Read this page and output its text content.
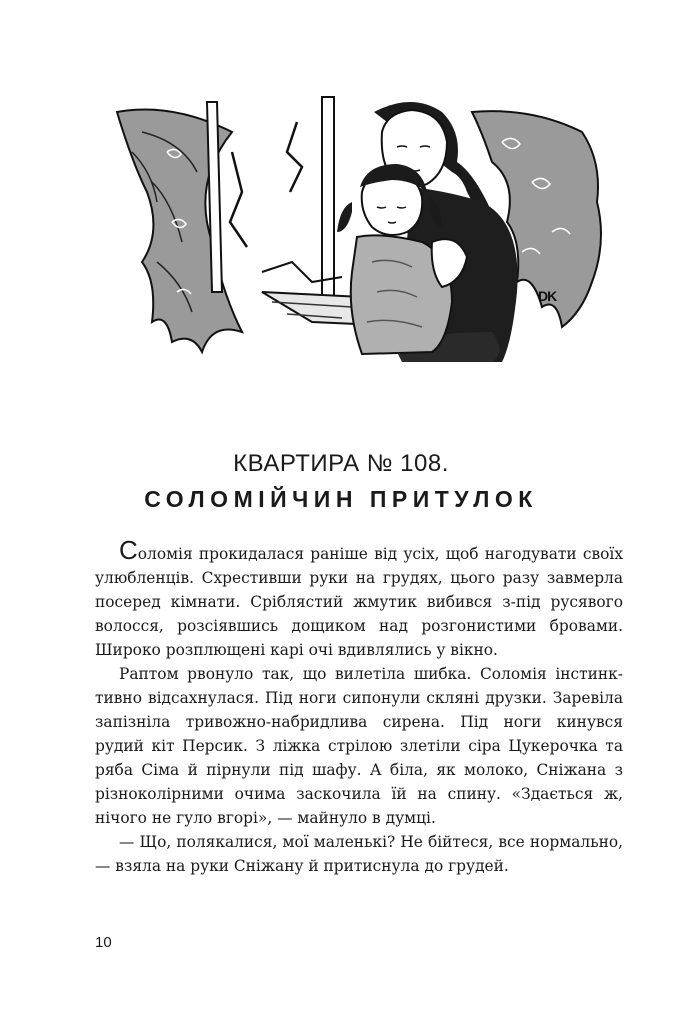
DK
КВАРТИРА № 108.
СОЛОМІЙЧИН ПРИТУЛОК

Соломія прокидалася раніше від усіх, щоб нагодувати своїх улюбленців. Схрестивши руки на грудях, цього разу завмерла посеред кімнати. Сріблястий жмутик вибився з-під русявого волосся, розсіявшись дощиком над розгонистими бровами. Широко розплющені карі очі вдивлялись у вікно.

Раптом рвонуло так, що вилетіла шибка. Соломія інстинктивно відсахнулася. Під ноги сипонули скляні друзки. Заревіла запізніла тривожно-набридлива сирена. Під ноги кинувся рудий кіт Персик. З ліжка стрілою злетіли сіра Цукерочка та ряба Сіма й пірнули під шафу. А біла, як молоко, Сніжана з різноколірними очима заскочила їй на спину. «Здається ж, нічого не гуло вгорі», — майнуло в думці.

— Що, полякалися, мої маленькі? Не бійтеся, все нормально, — взяла на руки Сніжану й притиснула до грудей.

10
